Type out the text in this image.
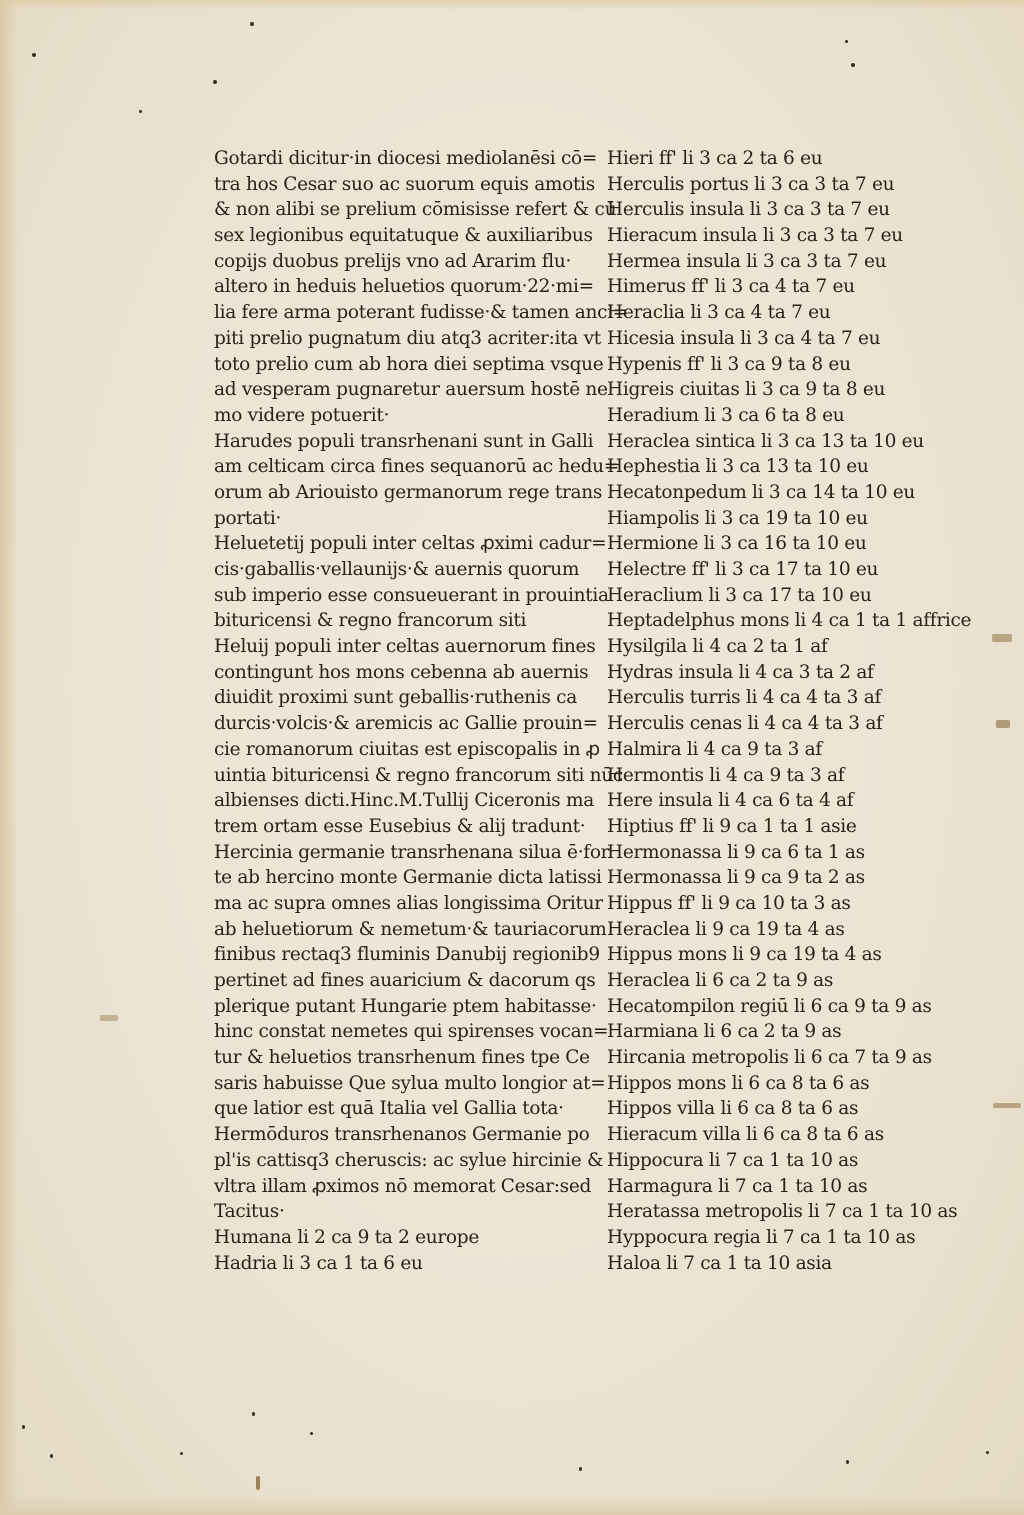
Gotardi dicitur·in diocesi mediolanēsi cō=
tra hos Cesar suo ac suorum equis amotis
& non alibi se prelium cōmisisse refert & cū
sex legionibus equitatuque & auxiliaribus
copijs duobus prelijs vno ad Ararim flu·
altero in heduis heluetios quorum·22·mi=
lia fere arma poterant fudisse·& tamen anci=
piti prelio pugnatum diu atq3 acriter:ita vt
toto prelio cum ab hora diei septima vsque
ad vesperam pugnaretur auersum hostē ne
mo videre potuerit·
Harudes populi transrhenani sunt in Galli
am celticam circa fines sequanorū ac hedu=
orum ab Ariouisto germanorum rege trans
portati·
Heluetetij populi inter celtas ꝓximi cadur=
cis·gaballis·vellaunijs·& auernis quorum
sub imperio esse consueuerant in prouintia
bituricensi & regno francorum siti
Heluij populi inter celtas auernorum fines
contingunt hos mons cebenna ab auernis
diuidit proximi sunt geballis·ruthenis ca
durcis·volcis·& aremicis ac Gallie prouin=
cie romanorum ciuitas est episcopalis in ꝓ
uintia bituricensi & regno francorum siti nūc
albienses dicti.Hinc.M.Tullij Ciceronis ma
trem ortam esse Eusebius & alij tradunt·
Hercinia germanie transrhenana silua ē·for
te ab hercino monte Germanie dicta latissi
ma ac supra omnes alias longissima Oritur
ab heluetiorum & nemetum·& tauriacorum
finibus rectaq3 fluminis Danubij regionib9
pertinet ad fines auaricium & dacorum qs
plerique putant Hungarie ptem habitasse·
hinc constat nemetes qui spirenses vocan=
tur & heluetios transrhenum fines tpe Ce
saris habuisse Que sylua multo longior at=
que latior est quā Italia vel Gallia tota·
Hermōduros transrhenanos Germanie po
pl'is cattisq3 cheruscis: ac sylue hircinie &
vltra illam ꝓximos nō memorat Cesar:sed
Tacitus·
Humana li 2 ca 9 ta 2 europe
Hadria li 3 ca 1 ta 6 eu
Hieri ff' li 3 ca 2 ta 6 eu
Herculis portus li 3 ca 3 ta 7 eu
Herculis insula li 3 ca 3 ta 7 eu
Hieracum insula li 3 ca 3 ta 7 eu
Hermea insula li 3 ca 3 ta 7 eu
Himerus ff' li 3 ca 4 ta 7 eu
Heraclia li 3 ca 4 ta 7 eu
Hicesia insula li 3 ca 4 ta 7 eu
Hypenis ff' li 3 ca 9 ta 8 eu
Higreis ciuitas li 3 ca 9 ta 8 eu
Heradium li 3 ca 6 ta 8 eu
Heraclea sintica li 3 ca 13 ta 10 eu
Hephestia li 3 ca 13 ta 10 eu
Hecatonpedum li 3 ca 14 ta 10 eu
Hiampolis li 3 ca 19 ta 10 eu
Hermione li 3 ca 16 ta 10 eu
Helectre ff' li 3 ca 17 ta 10 eu
Heraclium li 3 ca 17 ta 10 eu
Heptadelphus mons li 4 ca 1 ta 1 affrice
Hysilgila li 4 ca 2 ta 1 af
Hydras insula li 4 ca 3 ta 2 af
Herculis turris li 4 ca 4 ta 3 af
Herculis cenas li 4 ca 4 ta 3 af
Halmira li 4 ca 9 ta 3 af
Hermontis li 4 ca 9 ta 3 af
Here insula li 4 ca 6 ta 4 af
Hiptius ff' li 9 ca 1 ta 1 asie
Hermonassa li 9 ca 6 ta 1 as
Hermonassa li 9 ca 9 ta 2 as
Hippus ff' li 9 ca 10 ta 3 as
Heraclea li 9 ca 19 ta 4 as
Hippus mons li 9 ca 19 ta 4 as
Heraclea li 6 ca 2 ta 9 as
Hecatompilon regiū li 6 ca 9 ta 9 as
Harmiana li 6 ca 2 ta 9 as
Hircania metropolis li 6 ca 7 ta 9 as
Hippos mons li 6 ca 8 ta 6 as
Hippos villa li 6 ca 8 ta 6 as
Hieracum villa li 6 ca 8 ta 6 as
Hippocura li 7 ca 1 ta 10 as
Harmagura li 7 ca 1 ta 10 as
Heratassa metropolis li 7 ca 1 ta 10 as
Hyppocura regia li 7 ca 1 ta 10 as
Haloa li 7 ca 1 ta 10 asia
